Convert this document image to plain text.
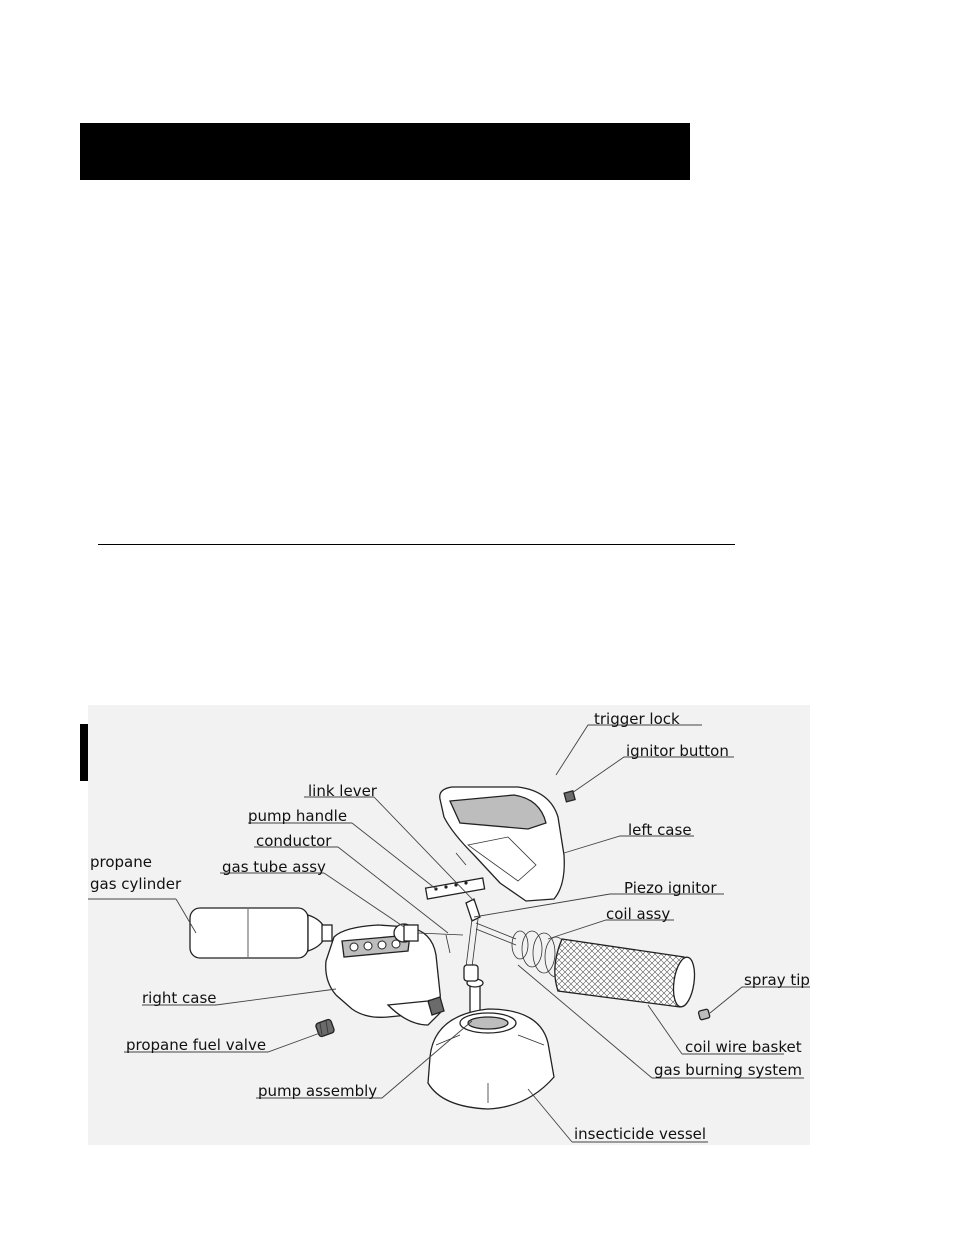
trigger lock
ignitor button
left case
link lever
pump handle
conductor
propane
gas cylinder
gas tube assy
Piezo ignitor
coil assy
spray tip
right case
propane fuel valve	coil wire basket
gas burning system
pump assembly
insecticide vessel
